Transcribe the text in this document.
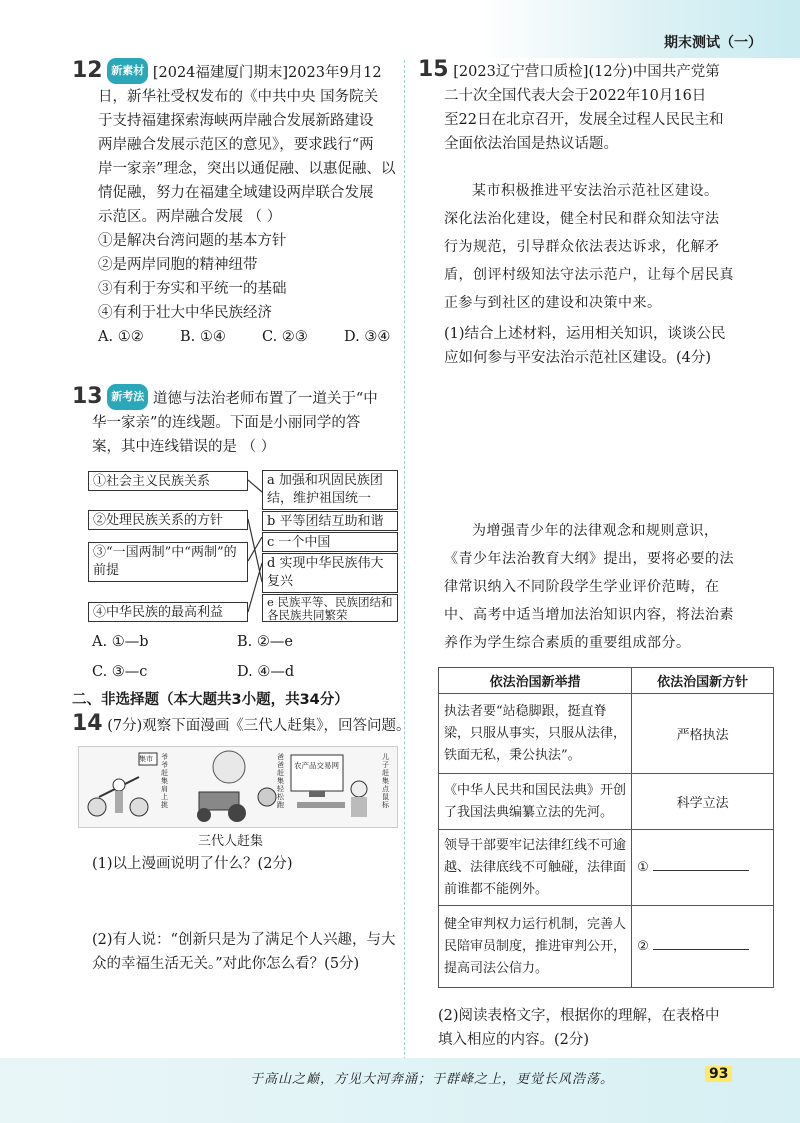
期末测试（一）
12 新素材 [2024福建厦门期末]2023年9月12
日，新华社受权发布的《中共中央 国务院关
于支持福建探索海峡两岸融合发展新路建设
两岸融合发展示范区的意见》，要求践行“两
岸一家亲”理念，突出以通促融、以惠促融、以
情促融，努力在福建全域建设两岸联合发展
示范区。两岸融合发展 （ ）
①是解决台湾问题的基本方针
②是两岸同胞的精神纽带
③有利于夯实和平统一的基础
④有利于壮大中华民族经济
A. ①②	B. ①④	C. ②③	D. ③④
13 新考法 道德与法治老师布置了一道关于“中
华一家亲”的连线题。下面是小丽同学的答
案，其中连线错误的是 （ ）
①社会主义民族关系
②处理民族关系的方针
③“一国两制”中“两制”的前提
④中华民族的最高利益
a 加强和巩固民族团结，维护祖国统一
b 平等团结互助和谐
c 一个中国
d 实现中华民族伟大复兴
e 民族平等、民族团结和各民族共同繁荣
A. ①—b	B. ②—e
C. ③—c	D. ④—d
二、非选择题（本大题共3小题，共34分）
14 (7分)观察下面漫画《三代人赶集》，回答问题。
集市
农产品交易网
爷爷赶集肩上挑
爸爸赶集轻松跑
儿子赶集点鼠标
三代人赶集
(1)以上漫画说明了什么？(2分)
(2)有人说：“创新只是为了满足个人兴趣，与大
众的幸福生活无关。”对此你怎么看？(5分)
15 [2023辽宁营口质检](12分)中国共产党第
二十次全国代表大会于2022年10月16日
至22日在北京召开，发展全过程人民民主和
全面依法治国是热议话题。
某市积极推进平安法治示范社区建设。
深化法治化建设，健全村民和群众知法守法
行为规范，引导群众依法表达诉求，化解矛
盾，创评村级知法守法示范户，让每个居民真
正参与到社区的建设和决策中来。
(1)结合上述材料，运用相关知识，谈谈公民
应如何参与平安法治示范社区建设。(4分)
为增强青少年的法律观念和规则意识，
《青少年法治教育大纲》提出，要将必要的法
律常识纳入不同阶段学生学业评价范畴，在
中、高考中适当增加法治知识内容，将法治素
养作为学生综合素质的重要组成部分。
依法治国新举措	依法治国新方针
执法者要“站稳脚跟，挺直脊梁，只服从事实，只服从法律，铁面无私，秉公执法”。	严格执法
《中华人民共和国民法典》开创了我国法典编纂立法的先河。	科学立法
领导干部要牢记法律红线不可逾越、法律底线不可触碰，法律面前谁都不能例外。	①
健全审判权力运行机制，完善人民陪审员制度，推进审判公开，提高司法公信力。	②
(2)阅读表格文字，根据你的理解，在表格中
填入相应的内容。(2分)
于高山之巅，方见大河奔涌；于群峰之上，更觉长风浩荡。	93
